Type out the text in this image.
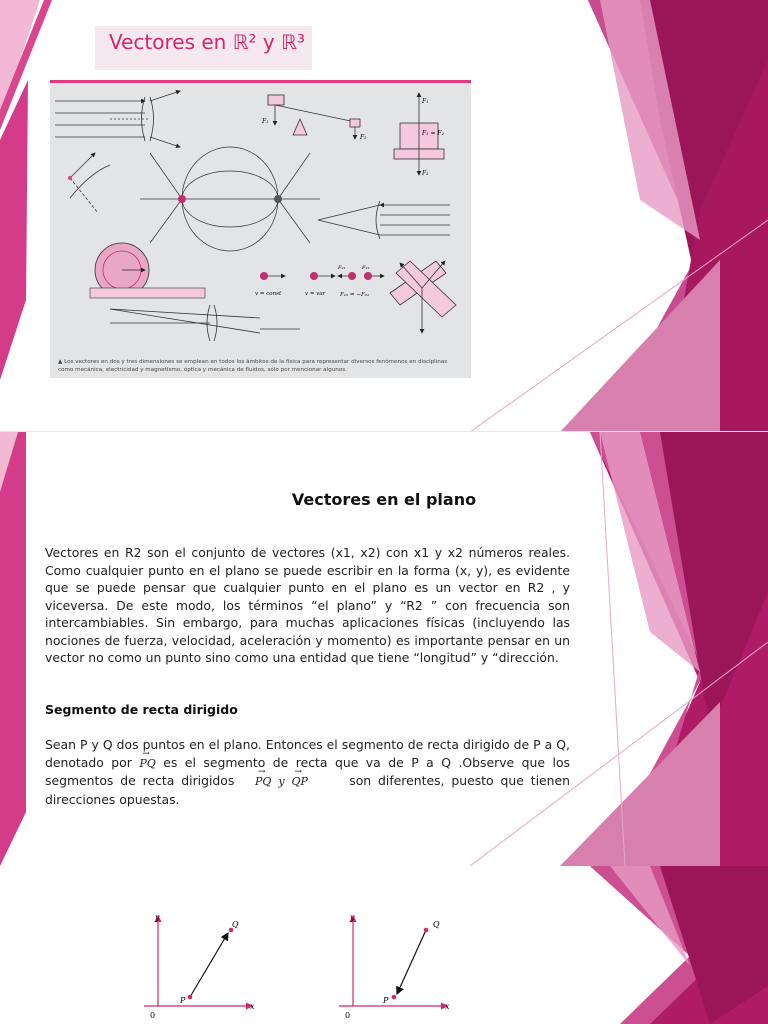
Vectores en ℝ² y ℝ³
F₁
F₂
F₁
F₂
F₁ = F₂
v = const	v = var	F₁₂ = −F₂₁
F₂₁	F₁₂
▲ Los vectores en dos y tres dimensiones se emplean en todos los ámbitos de la física para representar diversos fenómenos en disciplinas como mecánica, electricidad y magnetismo, óptica y mecánica de fluidos, sólo por mencionar algunos.
Vectores en el plano

Vectores en R2 son el conjunto de vectores (x1, x2) con x1 y x2 números reales. Como cualquier punto en el plano se puede escribir en la forma (x, y), es evidente que se puede pensar que cualquier punto en el plano es un vector en R2 , y viceversa. De este modo, los términos “el plano” y “R2 ” con frecuencia son intercambiables. Sin embargo, para muchas aplicaciones físicas (incluyendo las nociones de fuerza, velocidad, aceleración y momento) es importante pensar en un vector no como un punto sino como una entidad que tiene “longitud” y “dirección.

Segmento de recta dirigido

Sean P y Q dos puntos en el plano. Entonces el segmento de recta dirigido de P a Q, denotado por → PQ es el segmento de recta que va de P a Q .Observe que los segmentos de recta dirigidos   → PQ y → QP	son diferentes, puesto que tienen direcciones opuestas.

y
x
0
P
Q
y
x
0
P
Q
